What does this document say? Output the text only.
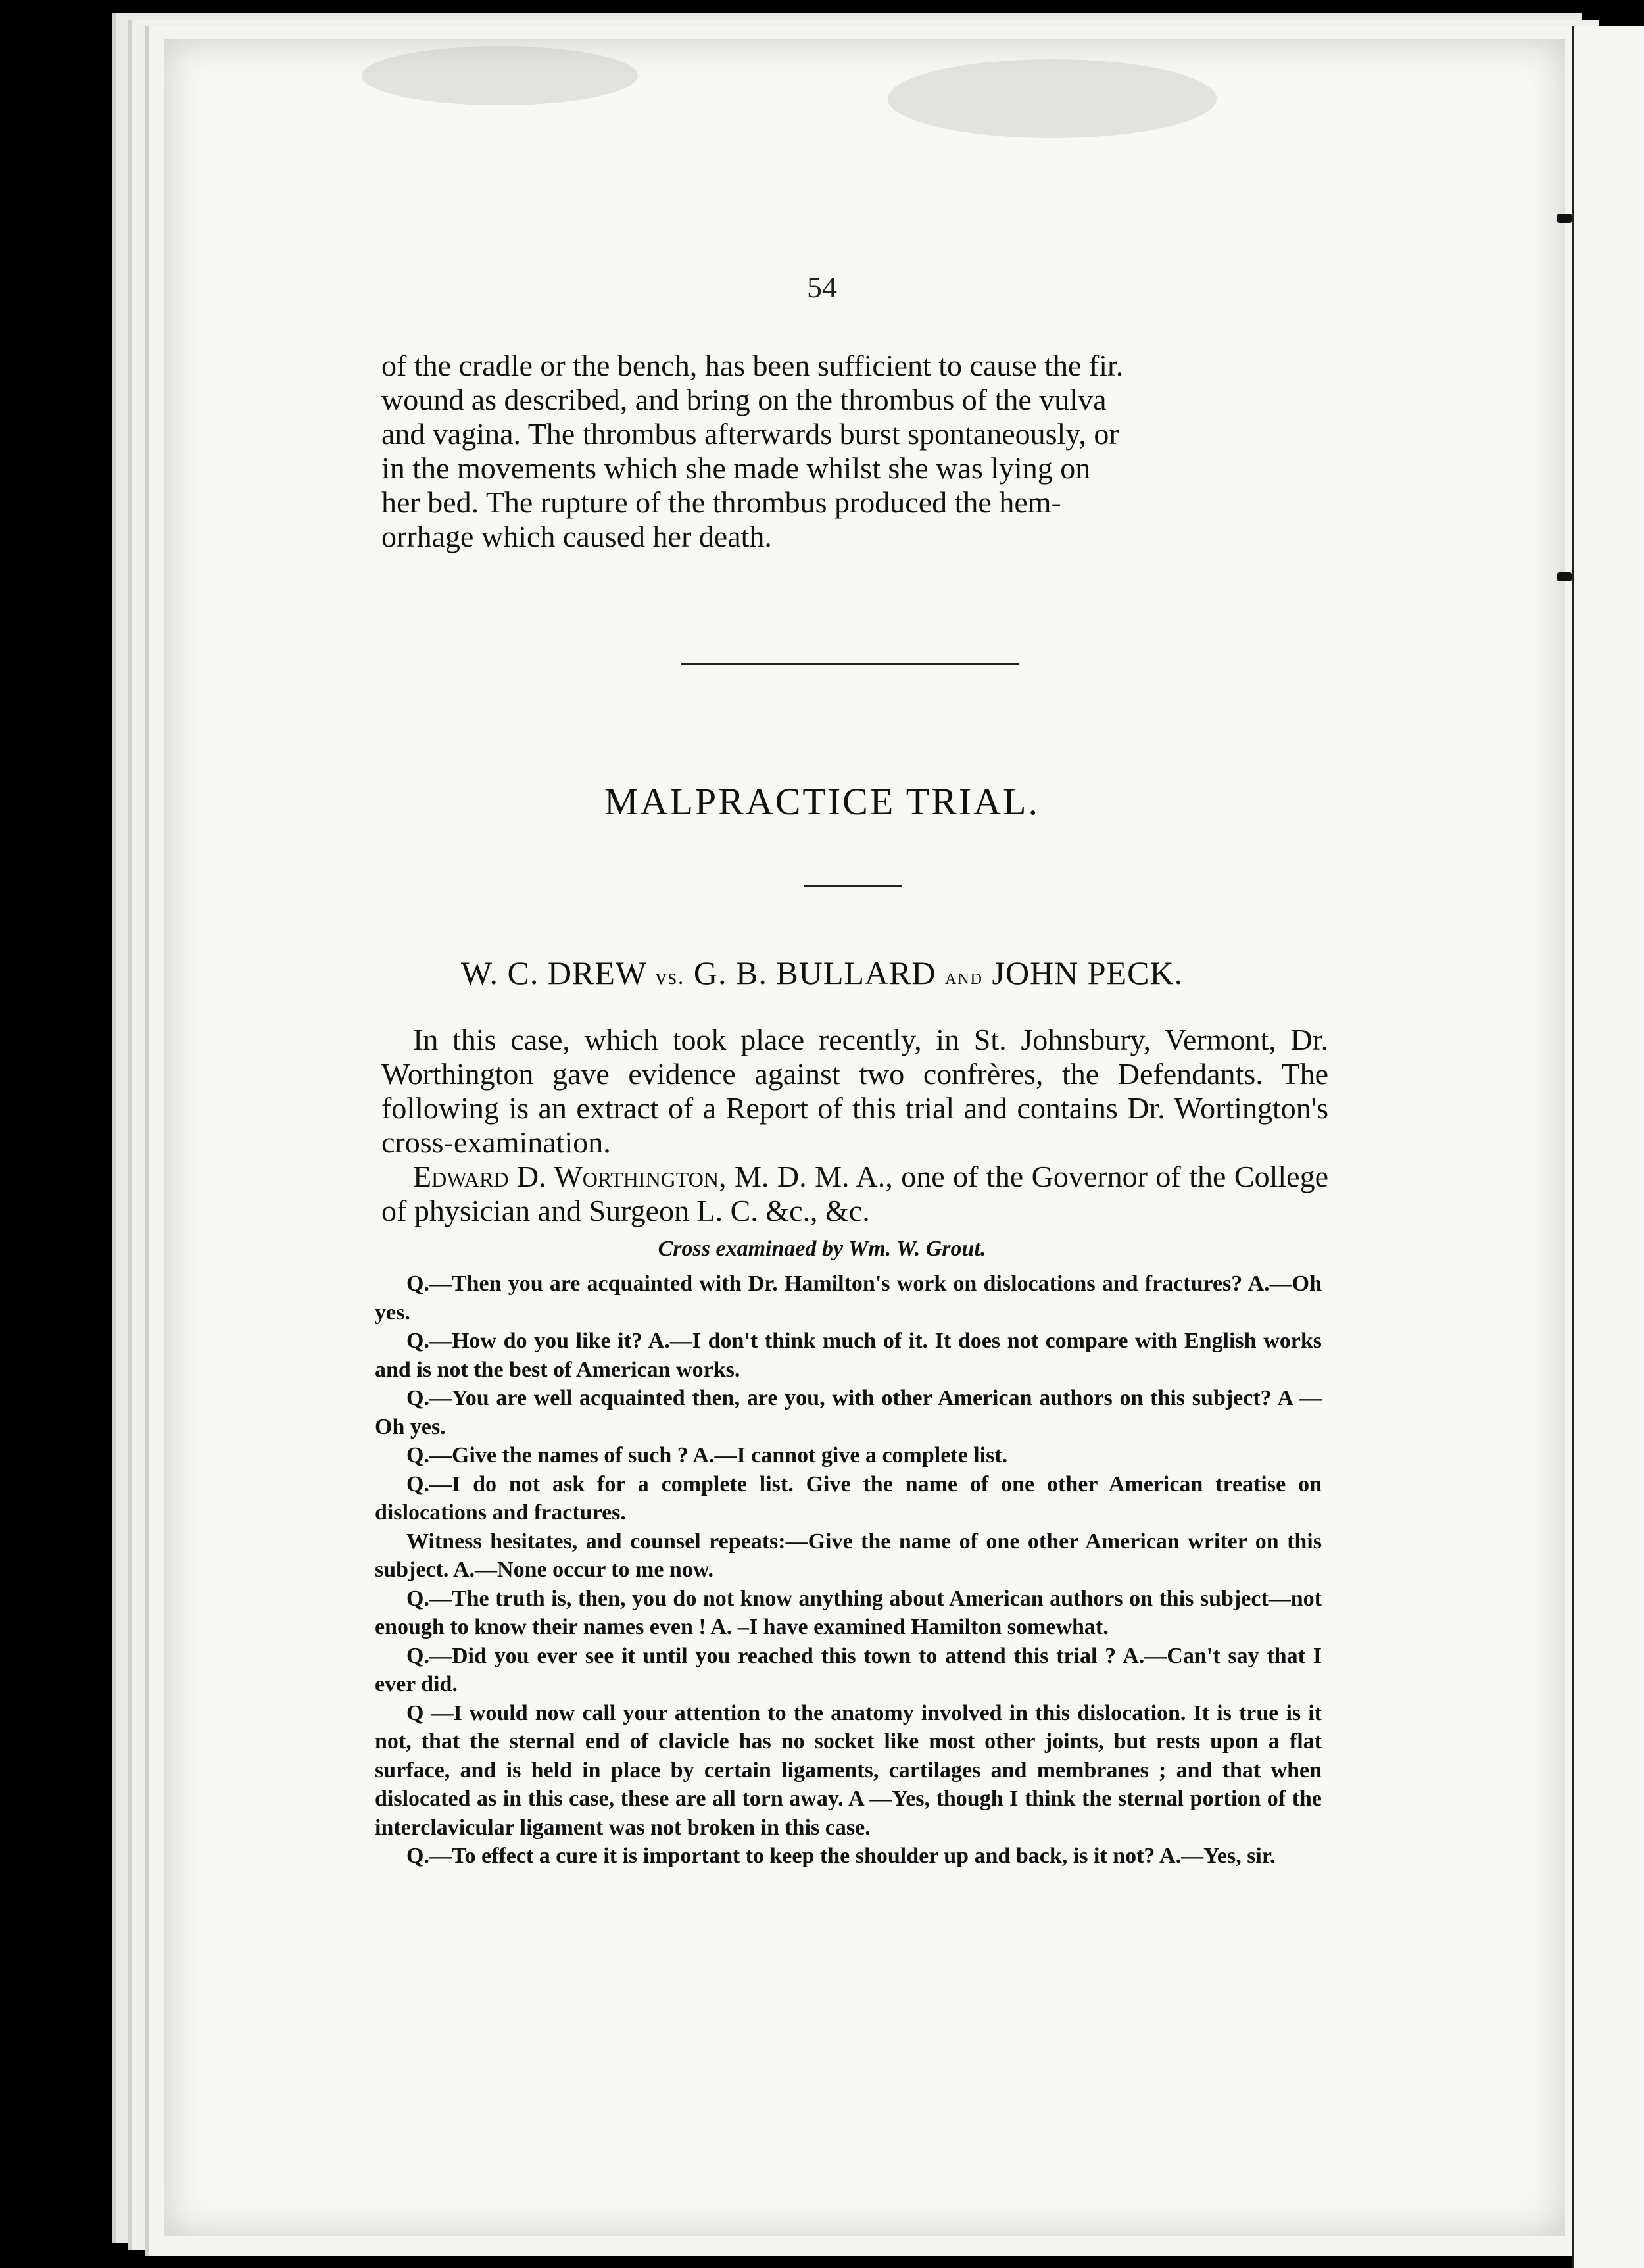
54

of the cradle or the bench, has been sufficient to cause the fir.

wound as described, and bring on the thrombus of the vulva

and vagina. The thrombus afterwards burst spontaneously, or

in the movements which she made whilst she was lying on

her bed. The rupture of the thrombus produced the hem-

orrhage which caused her death.

MALPRACTICE TRIAL.
W. C. DREW vs. G. B. BULLARD and JOHN PECK.

In this case, which took place recently, in St. Johnsbury, Vermont, Dr. Worthington gave evidence against two confrères, the Defendants. The following is an extract of a Report of this trial and contains Dr. Wortington's cross-examination.

Edward D. Worthington, M. D. M. A., one of the Governor of the College of physician and Surgeon L. C. &c., &c.

Cross examinaed by Wm. W. Grout.

Q.—Then you are acquainted with Dr. Hamilton's work on dislocations and fractures? A.—Oh yes.

Q.—How do you like it? A.—I don't think much of it. It does not compare with English works and is not the best of American works.

Q.—You are well acquainted then, are you, with other American authors on this subject? A —Oh yes.

Q.—Give the names of such ? A.—I cannot give a complete list.

Q.—I do not ask for a complete list. Give the name of one other American treatise on dislocations and fractures.

Witness hesitates, and counsel repeats:—Give the name of one other American writer on this subject. A.—None occur to me now.

Q.—The truth is, then, you do not know anything about American authors on this subject—not enough to know their names even ! A. –I have examined Hamilton somewhat.

Q.—Did you ever see it until you reached this town to attend this trial ? A.—Can't say that I ever did.

Q —I would now call your attention to the anatomy involved in this dislocation. It is true is it not, that the sternal end of clavicle has no socket like most other joints, but rests upon a flat surface, and is held in place by certain ligaments, cartilages and membranes ; and that when dislocated as in this case, these are all torn away. A —Yes, though I think the sternal portion of the interclavicular ligament was not broken in this case.

Q.—To effect a cure it is important to keep the shoulder up and back, is it not? A.—Yes, sir.
